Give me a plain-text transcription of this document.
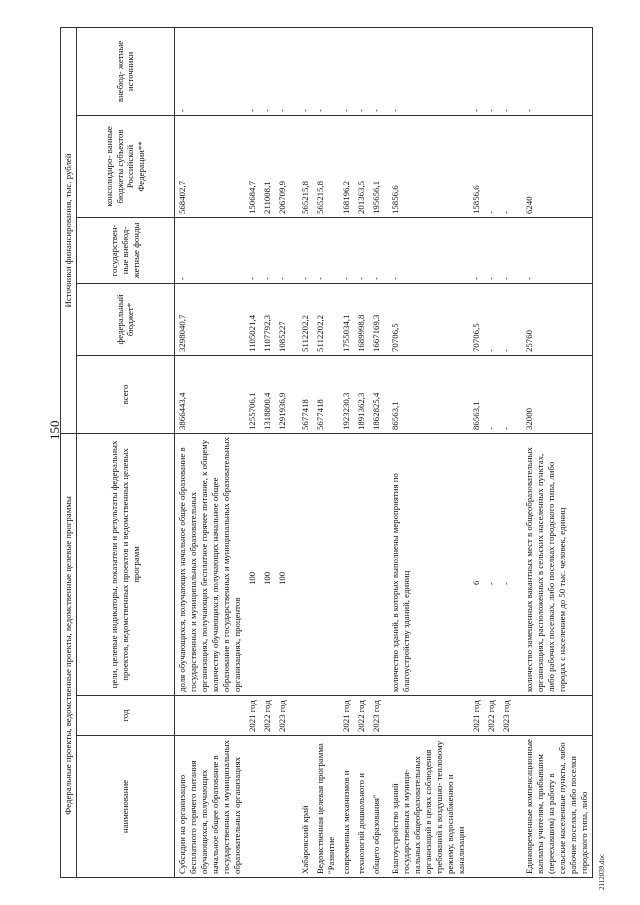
150
2112039.doc
Федеральные проекты, ведомственные проекты, ведомственные целевые программы			Источники финансирования, тыс. рублей				
наименование	год	цели, целевые индикаторы, показатели и результаты федеральных проектов, ведомственных проектов и ведомственных целевых программ	всего	федеральный бюджет*	государствен- ные внебюд- жетные фонды	консолидиро- ванные бюджеты субъектов Российской Федерации**	внебюд- жетные источники
Субсидии на организацию бесплатного горячего питания обучающихся, получающих начальное общее образование в государственных и муниципальных образовательных организациях		доля обучающихся, получающих начальное общее образование в государственных и муниципальных образовательных организациях, получающих бесплатное горячее питание, к общему количеству обучающихся, получающих начальное общее образование в государственных и муниципальных образовательных организациях, процентов	3866443,4	3298040,7	-	568402,7	-
	2021 год	100	1255706,1	1105021,4	-	150684,7	-
	2022 год	100	1318800,4	1107792,3	-	211008,1	-
	2023 год	100	1291936,9	1085227	-	206709,9	-
Хабаровский край			5677418	5112202,2	-	565215,8	-
Ведомственная целевая программа "Развитие			5677418	5112202,2	-	565215,8	-
современных механизмов и	2021 год		1923230,3	1755034,1	-	168196,2	-
технологий дошкольного и	2022 год		1891362,3	1689998,8	-	201363,5	-
общего образования"	2023 год		1862825,4	1667169,3	-	195656,1	-
Благоустройство зданий государственных и муници- пальных общеобразовательных организаций в целях соблюдения требований к воздушно- тепловому режиму, водоснабжению и канализации		количество зданий, в которых выполнены мероприятия по благоустройству зданий, единиц	86563,1	70706,5	-	15856,6	-
	2021 год	6	86563,1	70706,5	-	15856,6	-
	2022 год	-	-	-	-	-	-
	2023 год	-	-	-	-	-	-
Единовременные компенсационные выплаты учителям, прибывшим (переехавшим) на работу в сельские населенные пункты, либо рабочие поселки, либо поселки городского типа, либо		количество замещенных вакантных мест в общеобразовательных организациях, расположенных в сельских населенных пунктах, либо рабочих поселках, либо поселках городского типа, либо городах с населением до 50 тыс. человек, единиц	32000	25760	-	6240	-
